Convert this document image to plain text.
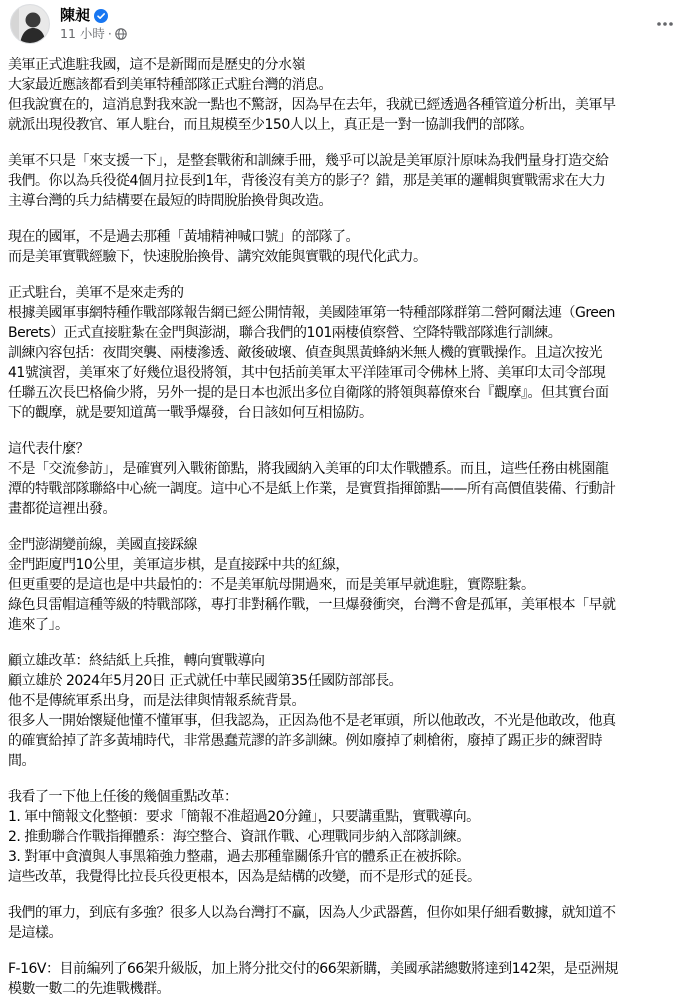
陳昶
11 小時 ·
美軍正式進駐我國，這不是新聞而是歷史的分水嶺
大家最近應該都看到美軍特種部隊正式駐台灣的消息。
但我說實在的，這消息對我來說一點也不驚訝，因為早在去年，我就已經透過各種管道分析出，美軍早
就派出現役教官、軍人駐台，而且規模至少150人以上，真正是一對一協訓我們的部隊。
美軍不只是「來支援一下」，是整套戰術和訓練手冊，幾乎可以說是美軍原汁原味為我們量身打造交給
我們。你以為兵役從4個月拉長到1年，背後沒有美方的影子？錯，那是美軍的邏輯與實戰需求在大力
主導台灣的兵力結構要在最短的時間脫胎換骨與改造。
現在的國軍，不是過去那種「黃埔精神喊口號」的部隊了。
而是美軍實戰經驗下，快速脫胎換骨、講究效能與實戰的現代化武力。
正式駐台，美軍不是來走秀的
根據美國軍事網特種作戰部隊報告網已經公開情報，美國陸軍第一特種部隊群第二營阿爾法連（Green
Berets）正式直接駐紮在金門與澎湖，聯合我們的101兩棲偵察營、空降特戰部隊進行訓練。
訓練內容包括：夜間突襲、兩棲滲透、敵後破壞、偵查與黑黃蜂納米無人機的實戰操作。且這次按光
41號演習，美軍來了好幾位退役將領，其中包括前美軍太平洋陸軍司令佛林上將、美軍印太司令部現
任聯五次長巴格倫少將，另外一提的是日本也派出多位自衛隊的將領與幕僚來台『觀摩』。但其實台面
下的觀摩，就是要知道萬一戰爭爆發，台日該如何互相協防。
這代表什麼？
不是「交流參訪」，是確實列入戰術節點，將我國納入美軍的印太作戰體系。而且，這些任務由桃園龍
潭的特戰部隊聯絡中心統一調度。這中心不是紙上作業，是實質指揮節點——所有高價值裝備、行動計
畫都從這裡出發。
金門澎湖變前線，美國直接踩線
金門距廈門10公里，美軍這步棋，是直接踩中共的紅線，
但更重要的是這也是中共最怕的：不是美軍航母開過來，而是美軍早就進駐，實際駐紮。
綠色貝雷帽這種等級的特戰部隊，專打非對稱作戰，一旦爆發衝突，台灣不會是孤軍，美軍根本「早就
進來了」。
顧立雄改革：終結紙上兵推，轉向實戰導向
顧立雄於 2024年5月20日 正式就任中華民國第35任國防部部長。
他不是傳統軍系出身，而是法律與情報系統背景。
很多人一開始懷疑他懂不懂軍事，但我認為，正因為他不是老軍頭，所以他敢改，不光是他敢改，他真
的確實給掉了許多黃埔時代，非常愚蠢荒謬的許多訓練。例如廢掉了刺槍術，廢掉了踢正步的練習時
間。
我看了一下他上任後的幾個重點改革：
1. 軍中簡報文化整頓：要求「簡報不准超過20分鐘」，只要講重點，實戰導向。
2. 推動聯合作戰指揮體系：海空整合、資訊作戰、心理戰同步納入部隊訓練。
3. 對軍中貪瀆與人事黑箱強力整肅，過去那種靠關係升官的體系正在被拆除。
這些改革，我覺得比拉長兵役更根本，因為是結構的改變，而不是形式的延長。
我們的軍力，到底有多強？很多人以為台灣打不贏，因為人少武器舊，但你如果仔細看數據，就知道不
是這樣。
F-16V：目前編列了66架升級版，加上將分批交付的66架新購，美國承諾總數將達到142架，是亞洲規
模數一數二的先進戰機群。
